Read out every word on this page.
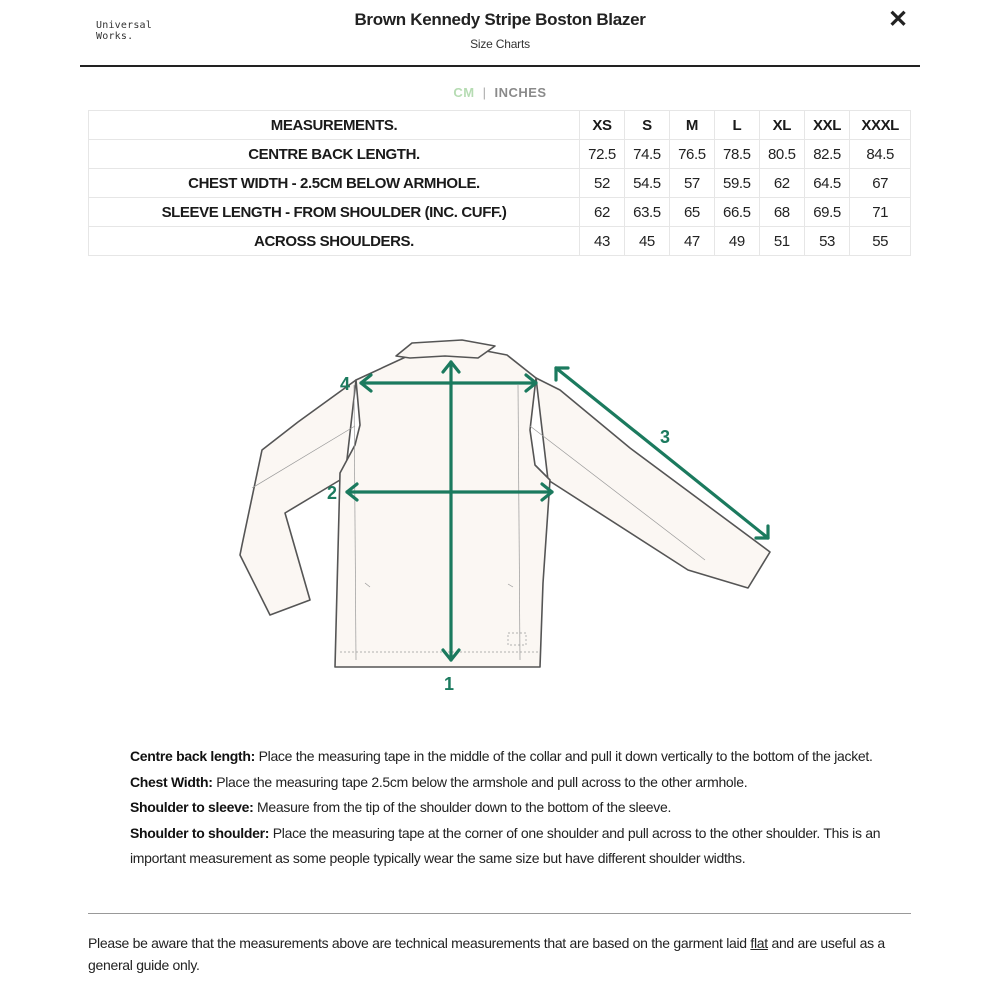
Universal
Works.
Brown Kennedy Stripe Boston Blazer
Size Charts
✕
CM | INCHES
MEASUREMENTS.	XS	S	M	L	XL	XXL	XXXL
CENTRE BACK LENGTH.	72.5	74.5	76.5	78.5	80.5	82.5	84.5
CHEST WIDTH - 2.5CM BELOW ARMHOLE.	52	54.5	57	59.5	62	64.5	67
SLEEVE LENGTH - FROM SHOULDER (INC. CUFF.)	62	63.5	65	66.5	68	69.5	71
ACROSS SHOULDERS.	43	45	47	49	51	53	55
1
2
3
4
Centre back length: Place the measuring tape in the middle of the collar and pull it down vertically to the bottom of the jacket.
Chest Width: Place the measuring tape 2.5cm below the armshole and pull across to the other armhole.
Shoulder to sleeve: Measure from the tip of the shoulder down to the bottom of the sleeve.
Shoulder to shoulder: Place the measuring tape at the corner of one shoulder and pull across to the other shoulder. This is an important measurement as some people typically wear the same size but have different shoulder widths.
Please be aware that the measurements above are technical measurements that are based on the garment laid flat and are useful as a general guide only.
